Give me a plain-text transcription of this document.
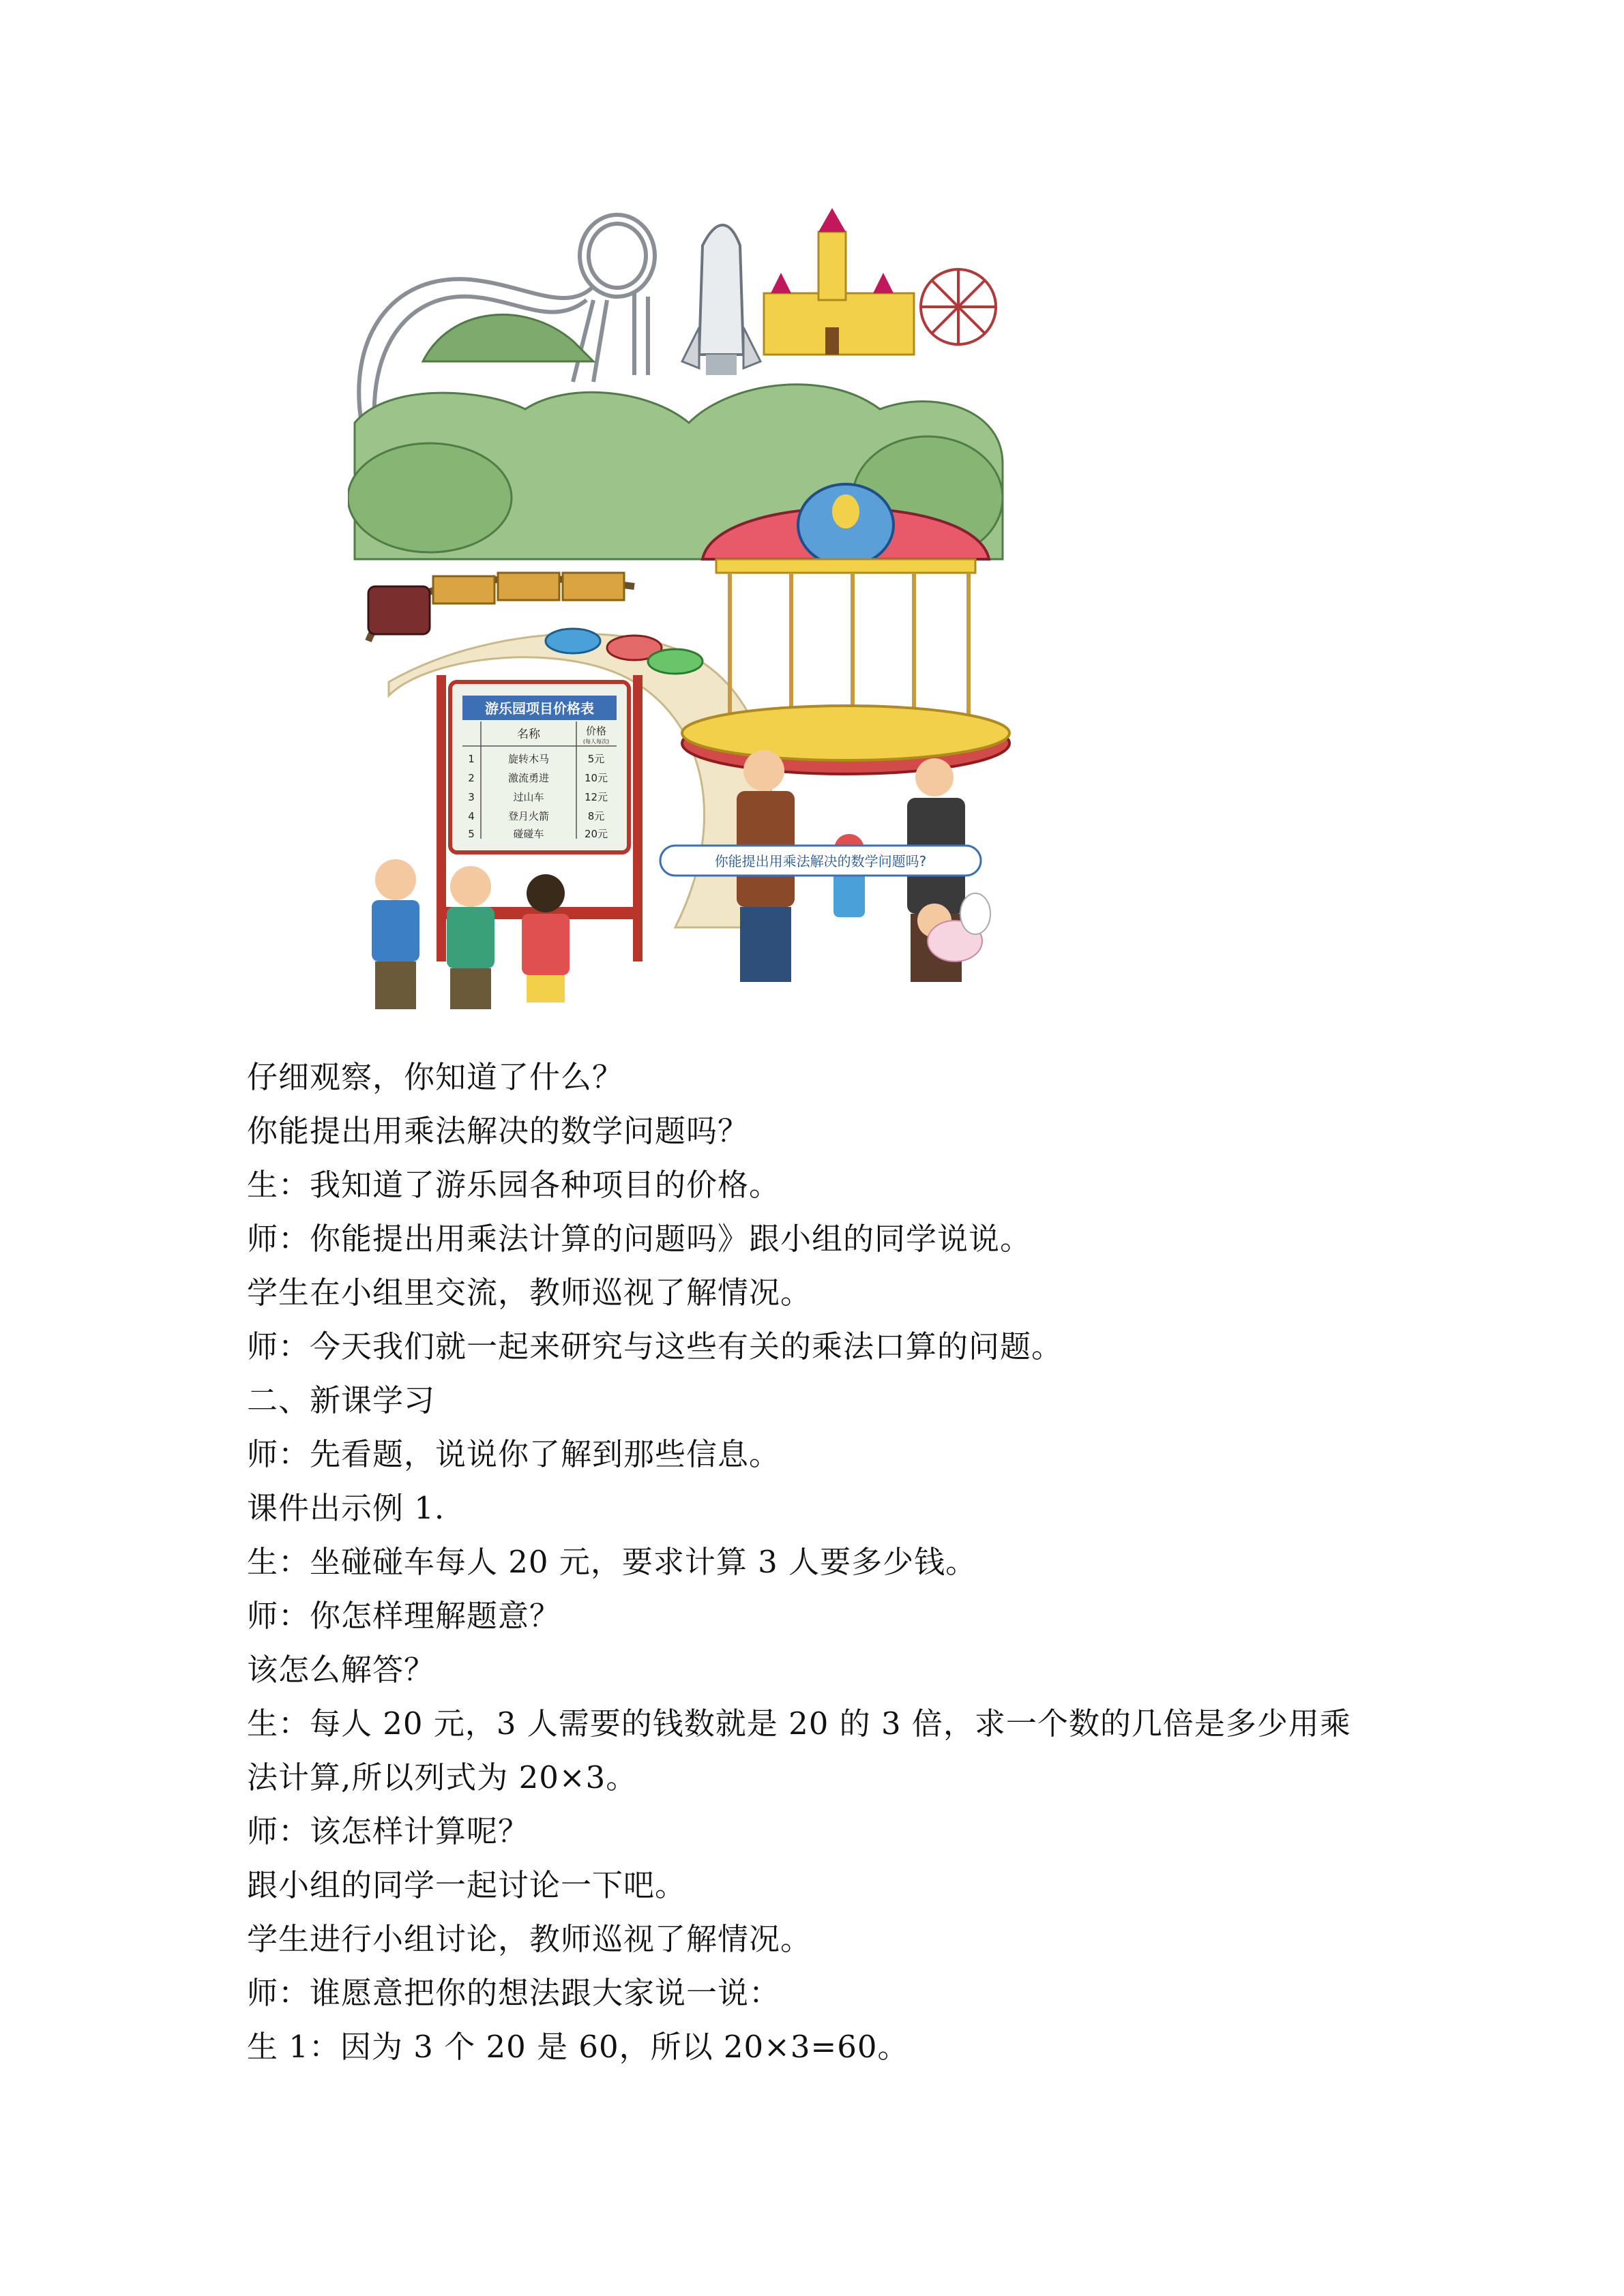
游乐园项目价格表
名称	价格
(每人每次)
1	旋转木马	5元
2	激流勇进	10元
3	过山车	12元
4	登月火箭	8元
5	碰碰车	20元
你能提出用乘法解决的数学问题吗?
仔细观察，你知道了什么？
你能提出用乘法解决的数学问题吗？
生：我知道了游乐园各种项目的价格。
师：你能提出用乘法计算的问题吗》跟小组的同学说说。
学生在小组里交流，教师巡视了解情况。
师：今天我们就一起来研究与这些有关的乘法口算的问题。
二、新课学习
师：先看题，说说你了解到那些信息。
课件出示例 1.
生：坐碰碰车每人 20 元，要求计算 3 人要多少钱。
师：你怎样理解题意？
该怎么解答？
生：每人 20 元，3 人需要的钱数就是 20 的 3 倍，求一个数的几倍是多少用乘
法计算,所以列式为 20×3。
师：该怎样计算呢？
跟小组的同学一起讨论一下吧。
学生进行小组讨论，教师巡视了解情况。
师：谁愿意把你的想法跟大家说一说：
生 1：因为 3 个 20 是 60，所以 20×3=60。
